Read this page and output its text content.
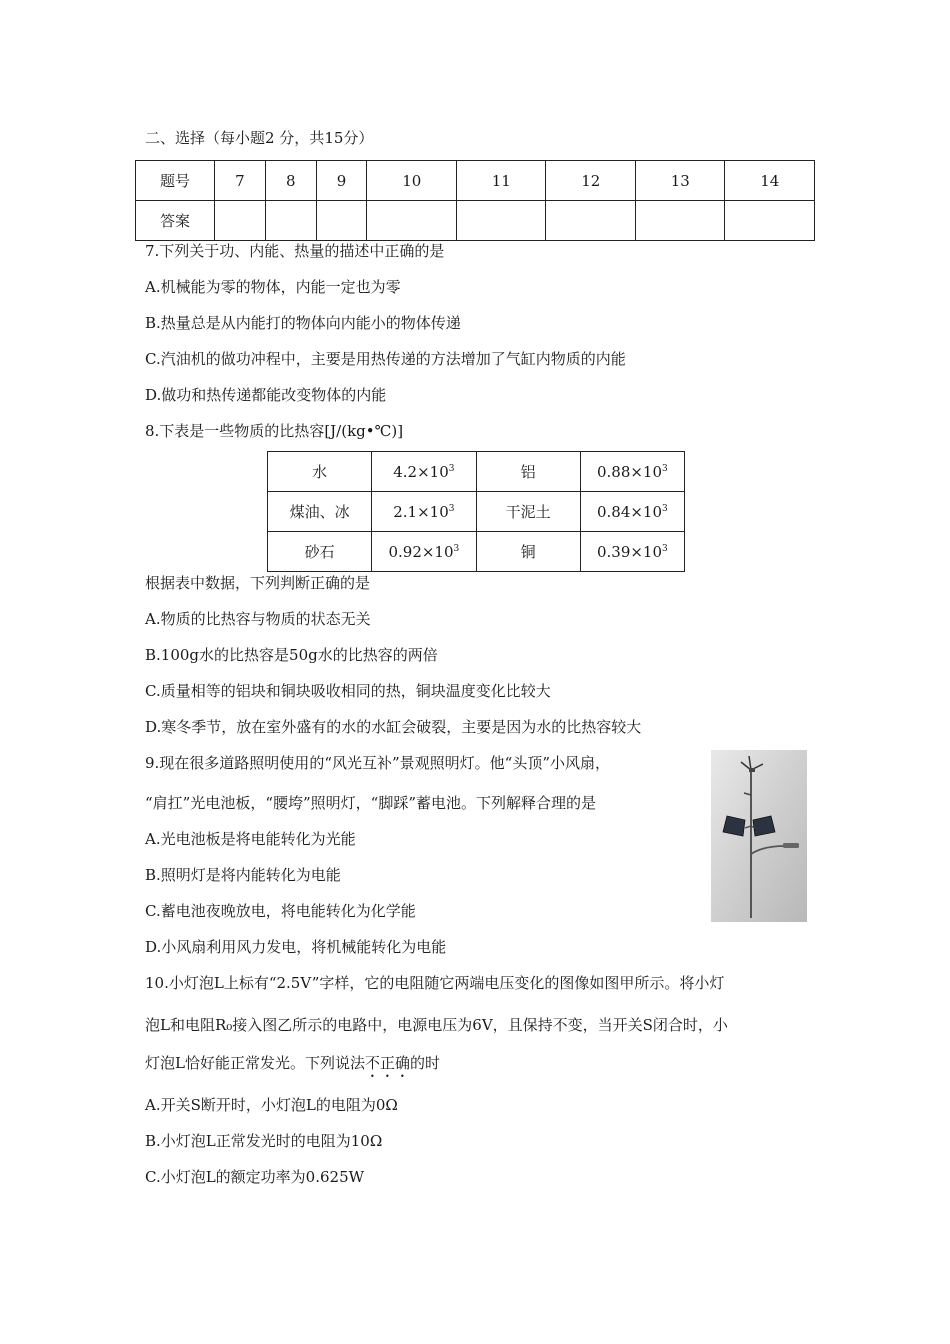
二、选择（每小题2 分，共15分）
题号	7	8	9	10	11	12	13	14
答案								
7.下列关于功、内能、热量的描述中正确的是
A.机械能为零的物体，内能一定也为零
B.热量总是从内能打的物体向内能小的物体传递
C.汽油机的做功冲程中，主要是用热传递的方法增加了气缸内物质的内能
D.做功和热传递都能改变物体的内能
8.下表是一些物质的比热容[J/(kg•℃)]
水	$4.2\times 10^3$	铝	$0.88\times 10^3$
煤油、冰	$2.1\times 10^3$	干泥土	$0.84\times 10^3$
砂石	$0.92\times 10^3$	铜	$0.39\times 10^3$
根据表中数据，下列判断正确的是
A.物质的比热容与物质的状态无关
B.100g水的比热容是50g水的比热容的两倍
C.质量相等的铝块和铜块吸收相同的热，铜块温度变化比较大
D.寒冬季节，放在室外盛有的水的水缸会破裂，主要是因为水的比热容较大
9.现在很多道路照明使用的“风光互补”景观照明灯。他“头顶”小风扇，
“肩扛”光电池板，“腰垮”照明灯，“脚踩”蓄电池。下列解释合理的是
A.光电池板是将电能转化为光能
B.照明灯是将内能转化为电能
C.蓄电池夜晚放电，将电能转化为化学能
D.小风扇利用风力发电，将机械能转化为电能
10.小灯泡L上标有“2.5V”字样，它的电阻随它两端电压变化的图像如图甲所示。将小灯
泡L和电阻R₀接入图乙所示的电路中，电源电压为6V，且保持不变，当开关S闭合时，小
灯泡L恰好能正常发光。下列说法不正确的时
A.开关S断开时，小灯泡L的电阻为0Ω
B.小灯泡L正常发光时的电阻为10Ω
C.小灯泡L的额定功率为0.625W
